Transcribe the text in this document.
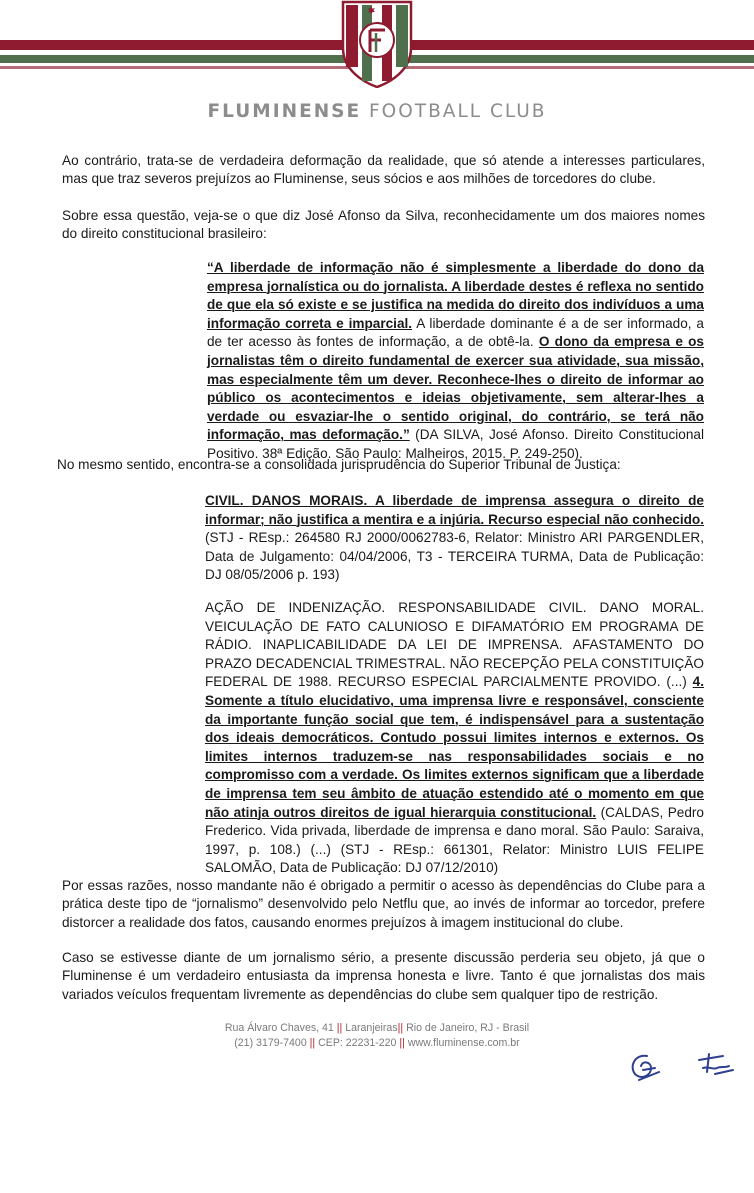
FLUMINENSE FOOTBALL CLUB

Ao contrário, trata-se de verdadeira deformação da realidade, que só atende a interesses particulares, mas que traz severos prejuízos ao Fluminense, seus sócios e aos milhões de torcedores do clube.

Sobre essa questão, veja-se o que diz José Afonso da Silva, reconhecidamente um dos maiores nomes do direito constitucional brasileiro:

“A liberdade de informação não é simplesmente a liberdade do dono da empresa jornalística ou do jornalista. A liberdade destes é reflexa no sentido de que ela só existe e se justifica na medida do direito dos indivíduos a uma informação correta e imparcial. A liberdade dominante é a de ser informado, a de ter acesso às fontes de informação, a de obtê-la. O dono da empresa e os jornalistas têm o direito fundamental de exercer sua atividade, sua missão, mas especialmente têm um dever. Reconhece-lhes o direito de informar ao público os acontecimentos e ideias objetivamente, sem alterar-lhes a verdade ou esvaziar-lhe o sentido original, do contrário, se terá não informação, mas deformação.” (DA SILVA, José Afonso. Direito Constitucional Positivo. 38ª Edição. São Paulo: Malheiros, 2015. P. 249-250).

No mesmo sentido, encontra-se a consolidada jurisprudência do Superior Tribunal de Justiça:

CIVIL. DANOS MORAIS. A liberdade de imprensa assegura o direito de informar; não justifica a mentira e a injúria. Recurso especial não conhecido. (STJ - REsp.: 264580 RJ 2000/0062783-6, Relator: Ministro ARI PARGENDLER, Data de Julgamento: 04/04/2006, T3 - TERCEIRA TURMA, Data de Publicação: DJ 08/05/2006 p. 193)
AÇÃO DE INDENIZAÇÃO. RESPONSABILIDADE CIVIL. DANO MORAL. VEICULAÇÃO DE FATO CALUNIOSO E DIFAMATÓRIO EM PROGRAMA DE RÁDIO. INAPLICABILIDADE DA LEI DE IMPRENSA. AFASTAMENTO DO PRAZO DECADENCIAL TRIMESTRAL. NÃO RECEPÇÃO PELA CONSTITUIÇÃO FEDERAL DE 1988. RECURSO ESPECIAL PARCIALMENTE PROVIDO. (...) 4. Somente a título elucidativo, uma imprensa livre e responsável, consciente da importante função social que tem, é indispensável para a sustentação dos ideais democráticos. Contudo possui limites internos e externos. Os limites internos traduzem-se nas responsabilidades sociais e no compromisso com a verdade. Os limites externos significam que a liberdade de imprensa tem seu âmbito de atuação estendido até o momento em que não atinja outros direitos de igual hierarquia constitucional. (CALDAS, Pedro Frederico. Vida privada, liberdade de imprensa e dano moral. São Paulo: Saraiva, 1997, p. 108.) (...) (STJ - REsp.: 661301, Relator: Ministro LUIS FELIPE SALOMÃO, Data de Publicação: DJ 07/12/2010)

Por essas razões, nosso mandante não é obrigado a permitir o acesso às dependências do Clube para a prática deste tipo de “jornalismo” desenvolvido pelo Netflu que, ao invés de informar ao torcedor, prefere distorcer a realidade dos fatos, causando enormes prejuízos à imagem institucional do clube.

Caso se estivesse diante de um jornalismo sério, a presente discussão perderia seu objeto, já que o Fluminense é um verdadeiro entusiasta da imprensa honesta e livre. Tanto é que jornalistas dos mais variados veículos frequentam livremente as dependências do clube sem qualquer tipo de restrição.

Rua Álvaro Chaves, 41 || Laranjeiras|| Rio de Janeiro, RJ - Brasil
(21) 3179-7400 || CEP: 22231-220 || www.fluminense.com.br
